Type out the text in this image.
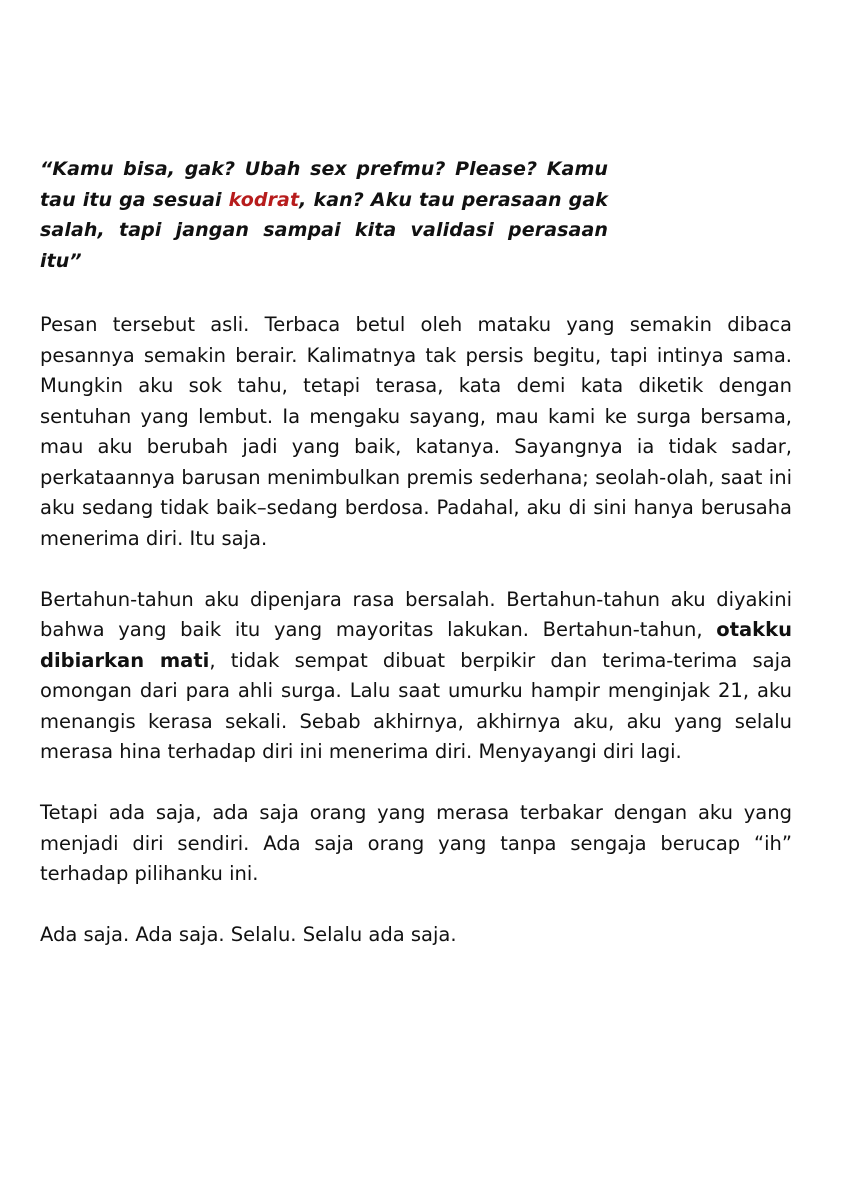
“Kamu bisa, gak? Ubah sex prefmu? Please? Kamu tau itu ga sesuai kodrat, kan? Aku tau perasaan gak salah, tapi jangan sampai kita validasi perasaan itu”

Pesan tersebut asli. Terbaca betul oleh mataku yang semakin dibaca pesannya semakin berair. Kalimatnya tak persis begitu, tapi intinya sama. Mungkin aku sok tahu, tetapi terasa, kata demi kata diketik dengan sentuhan yang lembut. Ia mengaku sayang, mau kami ke surga bersama, mau aku berubah jadi yang baik, katanya. Sayangnya ia tidak sadar, perkataannya barusan menimbulkan premis sederhana; seolah-olah, saat ini aku sedang tidak baik–sedang berdosa. Padahal, aku di sini hanya berusaha menerima diri. Itu saja.

Bertahun-tahun aku dipenjara rasa bersalah. Bertahun-tahun aku diyakini bahwa yang baik itu yang mayoritas lakukan. Bertahun-tahun, otakku dibiarkan mati, tidak sempat dibuat berpikir dan terima-terima saja omongan dari para ahli surga. Lalu saat umurku hampir menginjak 21, aku menangis kerasa sekali. Sebab akhirnya, akhirnya aku, aku yang selalu merasa hina terhadap diri ini menerima diri. Menyayangi diri lagi.

Tetapi ada saja, ada saja orang yang merasa terbakar dengan aku yang menjadi diri sendiri. Ada saja orang yang tanpa sengaja berucap “ih” terhadap pilihanku ini.

Ada saja. Ada saja. Selalu. Selalu ada saja.
